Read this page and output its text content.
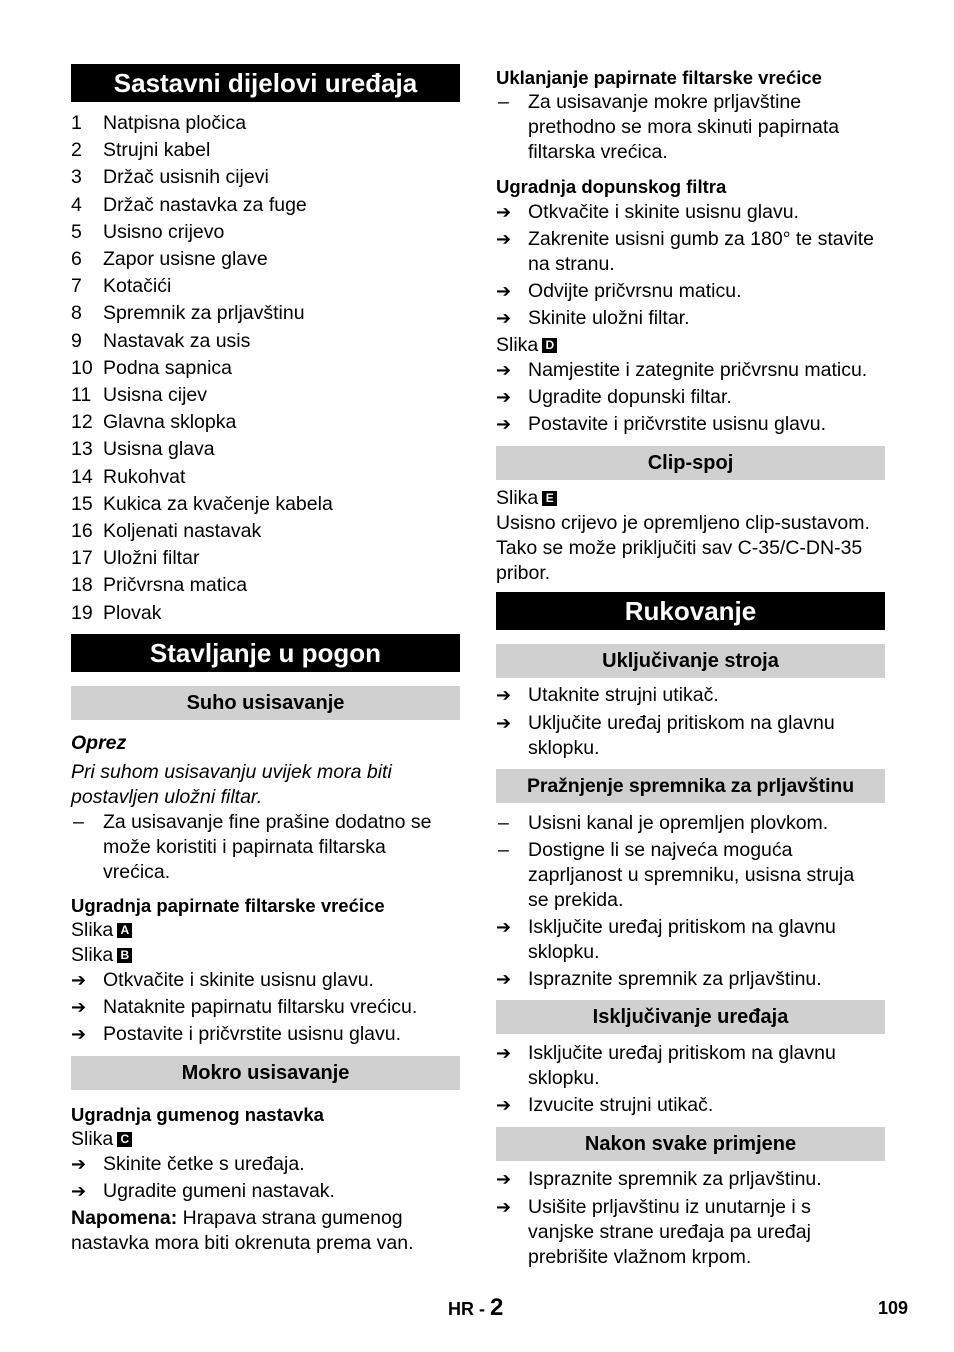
Sastavni dijelovi uređaja
1	Natpisna pločica
2	Strujni kabel
3	Držač usisnih cijevi
4	Držač nastavka za fuge
5	Usisno crijevo
6	Zapor usisne glave
7	Kotačići
8	Spremnik za prljavštinu
9	Nastavak za usis
10 Podna sapnica
11 Usisna cijev
12 Glavna sklopka
13 Usisna glava
14 Rukohvat
15 Kukica za kvačenje kabela
16 Koljenati nastavak
17 Uložni filtar
18 Pričvrsna matica
19 Plovak
Stavljanje u pogon
Suho usisavanje
Oprez
Pri suhom usisavanju uvijek mora biti
postavljen uložni filtar.
– Za usisavanje fine prašine dodatno se
može koristiti i papirnata filtarska
vrećica.
Ugradnja papirnate filtarske vrećice
Slika A
Slika B
➔ Otkvačite i skinite usisnu glavu.
➔ Nataknite papirnatu filtarsku vrećicu.
➔ Postavite i pričvrstite usisnu glavu.
Mokro usisavanje
Ugradnja gumenog nastavka
Slika C
➔ Skinite četke s uređaja.
➔ Ugradite gumeni nastavak.
Napomena: Hrapava strana gumenog
nastavka mora biti okrenuta prema van.
Uklanjanje papirnate filtarske vrećice
– Za usisavanje mokre prljavštine
prethodno se mora skinuti papirnata
filtarska vrećica.
Ugradnja dopunskog filtra
➔ Otkvačite i skinite usisnu glavu.
➔ Zakrenite usisni gumb za 180° te stavite
na stranu.
➔ Odvijte pričvrsnu maticu.
➔ Skinite uložni filtar.
Slika D
➔ Namjestite i zategnite pričvrsnu maticu.
➔ Ugradite dopunski filtar.
➔ Postavite i pričvrstite usisnu glavu.
Clip-spoj
Slika E
Usisno crijevo je opremljeno clip-sustavom.
Tako se može priključiti sav C-35/C-DN-35
pribor.
Rukovanje
Uključivanje stroja
➔ Utaknite strujni utikač.
➔ Uključite uređaj pritiskom na glavnu
sklopku.
Pražnjenje spremnika za prljavštinu
– Usisni kanal je opremljen plovkom.
– Dostigne li se najveća moguća
zaprljanost u spremniku, usisna struja
se prekida.
➔ Isključite uređaj pritiskom na glavnu
sklopku.
➔ Ispraznite spremnik za prljavštinu.
Isključivanje uređaja
➔ Isključite uređaj pritiskom na glavnu
sklopku.
➔ Izvucite strujni utikač.
Nakon svake primjene
➔ Ispraznite spremnik za prljavštinu.
➔ Usišite prljavštinu iz unutarnje i s
vanjske strane uređaja pa uređaj
prebrišite vlažnom krpom.
HR - 2	109
